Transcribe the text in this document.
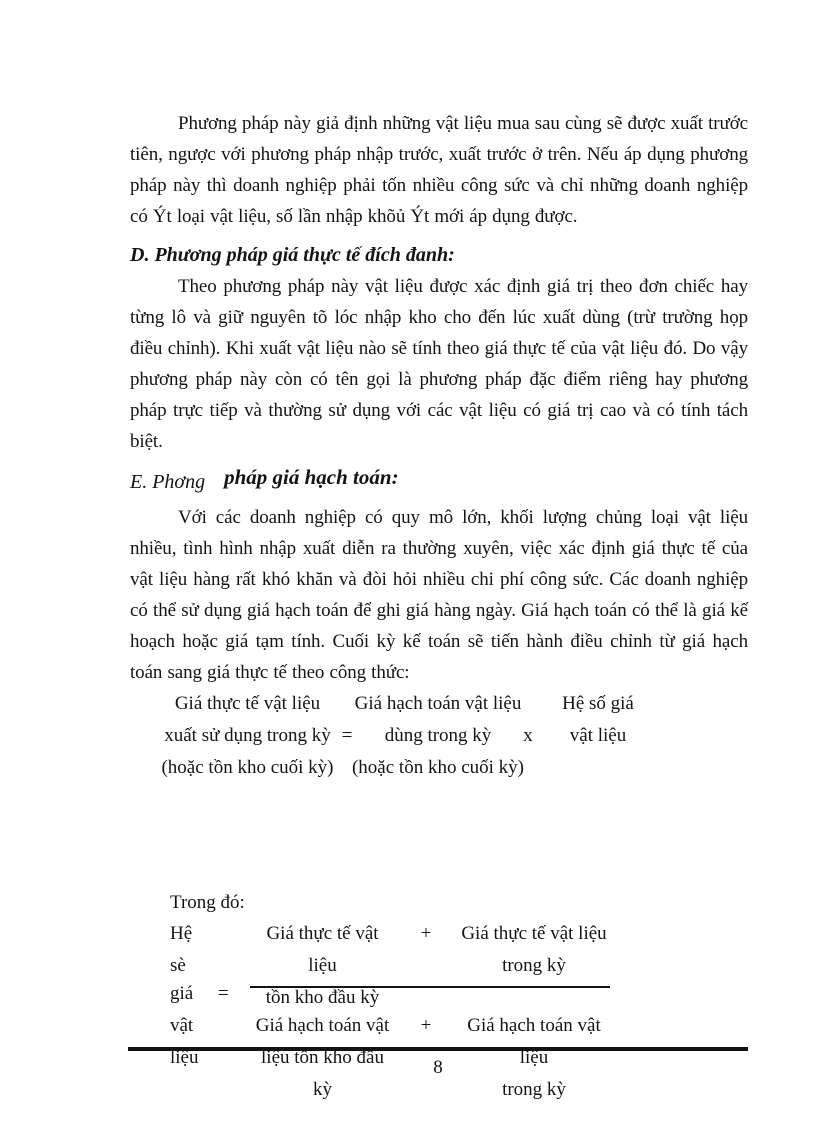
Phương pháp này giả định những vật liệu mua sau cùng sẽ được xuất trước tiên, ngược với phương pháp nhập trước, xuất trước ở trên. Nếu áp dụng phương pháp này thì doanh nghiệp phải tốn nhiều công sức và chỉ những doanh nghiệp có Ýt loại vật liệu, số lần nhập khõủ Ýt mới áp dụng được.

D. Phương pháp giá thực tế đích đanh:

Theo phương pháp này vật liệu được xác định giá trị theo đơn chiếc hay từng lô và giữ nguyên tõ lóc nhập kho cho đến lúc xuất dùng (trừ trường họp điều chỉnh). Khi xuất vật liệu nào sẽ tính theo giá thực tế của vật liệu đó. Do vậy phương pháp này còn có tên gọi là phương pháp đặc điểm riêng hay phương pháp trực tiếp và thường sử dụng với các vật liệu có giá trị cao và có tính tách biệt.

E. Phơng pháp giá hạch toán:

Với các doanh nghiệp có quy mô lớn, khối lượng chủng loại vật liệu nhiều, tình hình nhập xuất diễn ra thường xuyên, việc xác định giá thực tế của vật liệu hàng rất khó khăn và đòi hỏi nhiều chi phí công sức. Các doanh nghiệp có thể sử dụng giá hạch toán để ghi giá hàng ngày. Giá hạch toán có thể là giá kế hoạch hoặc giá tạm tính. Cuối kỳ kế toán sẽ tiến hành điều chỉnh từ giá hạch toán sang giá thực tế theo công thức:

Giá thực tế vật liệu
xuất sử dụng trong kỳ
(hoặc tồn kho cuối kỳ)
=
Giá hạch toán vật liệu
dùng trong kỳ
(hoặc tồn kho cuối kỳ)
x
Hệ số giá
vật liệu
Trong đó:
Hệ
sè
giá
vật
liệu
=
Giá thực tế vật liệu
tồn kho đầu kỳ
+ Giá thực tế vật liệu
trong kỳ
Giá hạch toán vật
liệu tồn kho đầu kỳ
+	Giá hạch toán vật liệu
trong kỳ
8
